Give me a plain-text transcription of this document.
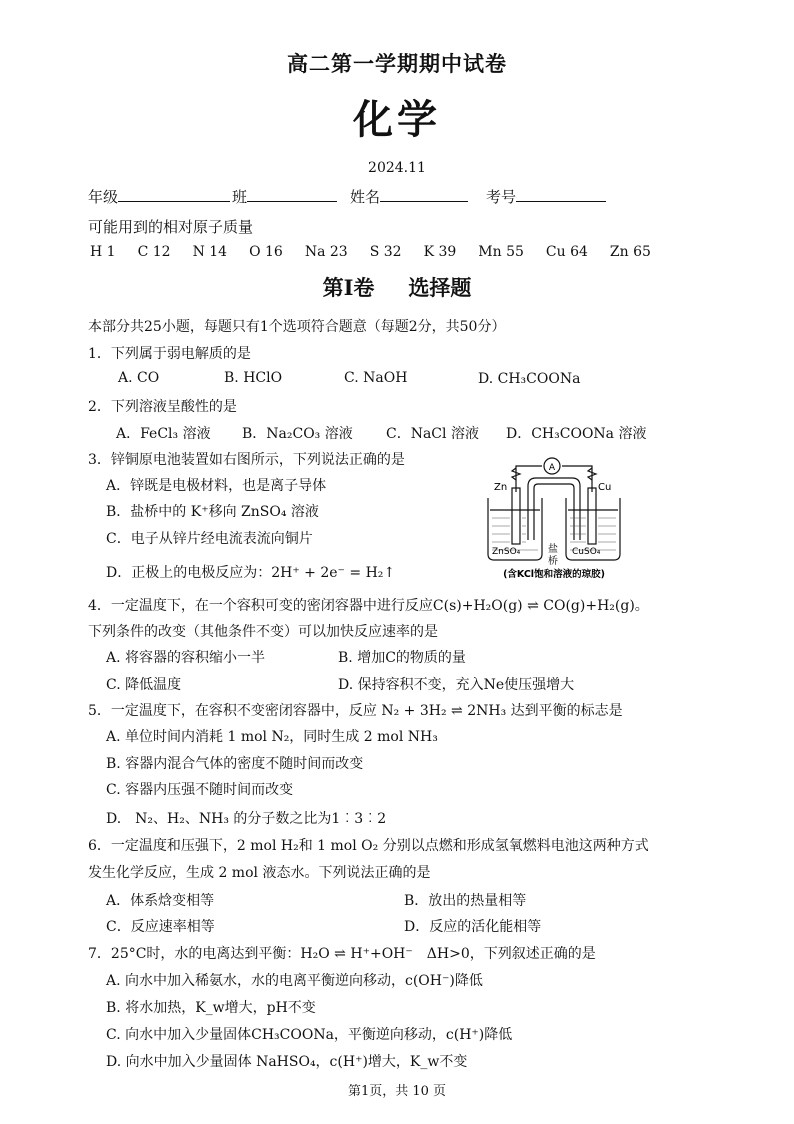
高二第一学期期中试卷
化学
2024.11
年级	班	姓名	考号
可能用到的相对原子质量
H 1 C 12 N 14 O 16 Na 23 S 32 K 39 Mn 55 Cu 64 Zn 65
第I卷 选择题
本部分共25小题，每题只有1个选项符合题意（每题2分，共50分）
1．下列属于弱电解质的是
A. CO	B. HClO	C. NaOH	D. CH₃COONa
2．下列溶液呈酸性的是
A．FeCl₃ 溶液 B．Na₂CO₃ 溶液 C．NaCl 溶液 D．CH₃COONa 溶液
3．锌铜原电池装置如右图所示，下列说法正确的是
A．锌既是电极材料，也是离子导体
B．盐桥中的 K⁺移向 ZnSO₄ 溶液
C．电子从锌片经电流表流向铜片
D．正极上的电极反应为：2H⁺ + 2e⁻ = H₂↑
A
Zn	Cu
ZnSO₄	CuSO₄
盐
桥
(含KCl饱和溶液的琼胶)
4．一定温度下，在一个容积可变的密闭容器中进行反应C(s)+H₂O(g) ⇌ CO(g)+H₂(g)。
下列条件的改变（其他条件不变）可以加快反应速率的是
A. 将容器的容积缩小一半	B. 增加C的物质的量
C. 降低温度	D. 保持容积不变，充入Ne使压强增大
5．一定温度下，在容积不变密闭容器中，反应 N₂ + 3H₂ ⇌ 2NH₃ 达到平衡的标志是
A. 单位时间内消耗 1 mol N₂，同时生成 2 mol NH₃
B. 容器内混合气体的密度不随时间而改变
C. 容器内压强不随时间而改变
D.　N₂、H₂、NH₃ 的分子数之比为1︰3︰2
6．一定温度和压强下，2 mol H₂和 1 mol O₂ 分别以点燃和形成氢氧燃料电池这两种方式
发生化学反应，生成 2 mol 液态水。下列说法正确的是
A．体系焓变相等	B．放出的热量相等
C．反应速率相等	D．反应的活化能相等
7．25°C时，水的电离达到平衡：H₂O ⇌ H⁺+OH⁻　ΔH>0，下列叙述正确的是
A. 向水中加入稀氨水，水的电离平衡逆向移动，c(OH⁻)降低
B. 将水加热，K_w增大，pH不变
C. 向水中加入少量固体CH₃COONa，平衡逆向移动，c(H⁺)降低
D. 向水中加入少量固体 NaHSO₄，c(H⁺)增大，K_w不变
第1页，共 10 页
